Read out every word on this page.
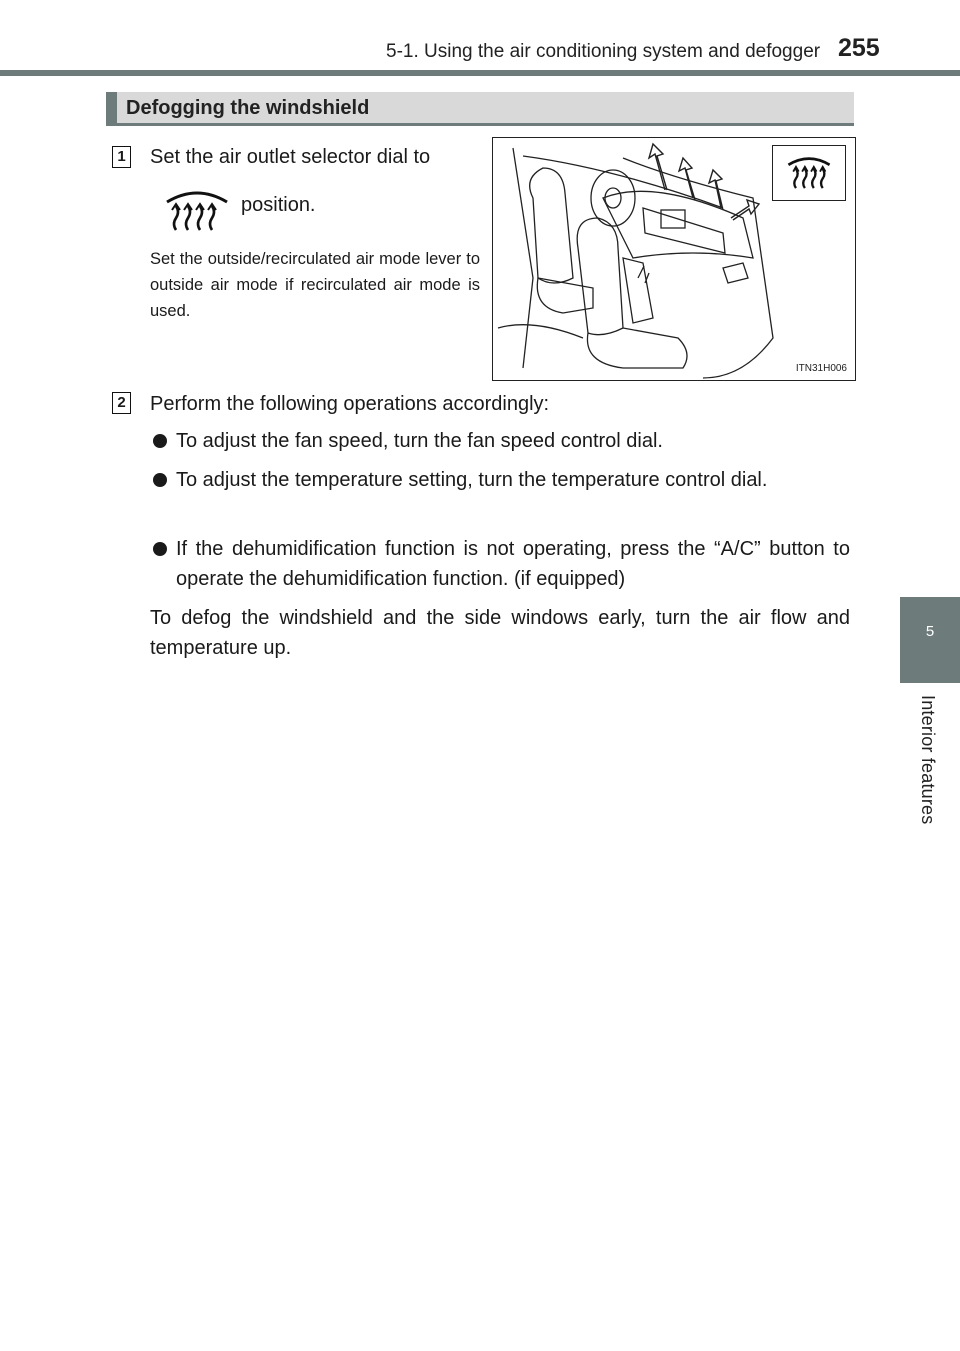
5-1. Using the air conditioning system and defogger 255
5
Interior features
Defogging the windshield
1 Set the air outlet selector dial to
position.
Set the outside/recirculated air mode lever to outside air mode if recirculated air mode is used.
ITN31H006
2 Perform the following operations accordingly:
To adjust the fan speed, turn the fan speed control dial.
To adjust the temperature setting, turn the temperature control dial.
If the dehumidification function is not operating, press the “A/C” button to operate the dehumidification function. (if equipped)
To defog the windshield and the side windows early, turn the air flow and temperature up.
